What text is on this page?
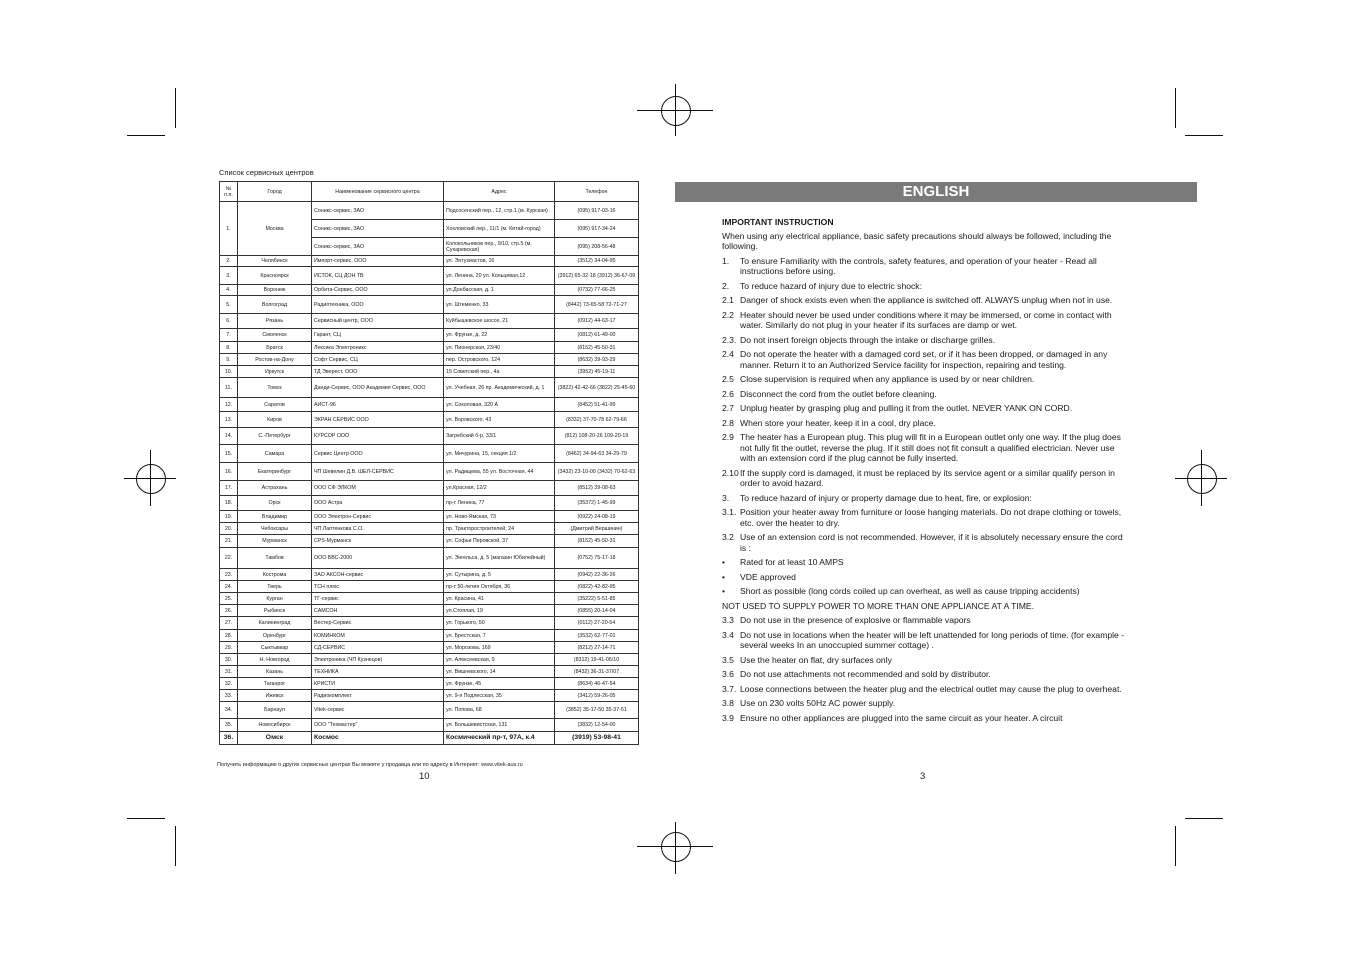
Список сервисных центров
№ п.п.	Город	Наименование сервисного центра	Адрес	Телефон
1.	Москва	Соникс-сервис, ЗАО	Подсосенский пер., 12, стр.1 (м. Курская)	(095) 917-03-16
		Соникс-сервис, ЗАО	Хохловский пер., 11/1 (м. Китай-город)	(095) 917-34-24
		Соникс-сервис, ЗАО	Колокольников пер., 9/10, стр.5 (м. Сухаревская)	(095) 208-56-48
2.	Челябинск	Импорт-сервис, ООО	ул. Энтузиастов, 16	(3512) 34-04-95
3.	Красноярск	ИСТОК, СЦ ДОН ТВ	ул. Ленина, 20 ул. Кольцевая,12	(3912) 65-32-18 (3912) 36-67-09
4.	Воронеж	Орбита-Сервис, ООО	ул.Донбасская, д. 1	(0732) 77-66-25
5.	Волгоград	Радиотехника, ООО	ул. Штеменко, 33	(8442) 73-65-58 72-71-27
6.	Рязань	Сервисный центр, ООО	Куйбышевское шоссе, 21	(0912) 44-63-17
7.	Смоленск	Гарант, СЦ	ул. Фрунзе, д. 22	(0812) 61-49-00
8.	Братск	Лексика Электроникс	ул. Пионерская, 23/40	(8152) 45-50-31
9.	Ростов-на-Дону	Софт Сервис, СЦ	пер. Островского, 124	(8632) 39-93-29
10.	Иркутск	ТД Эверест, ООО	15 Советский пер., 4а	(3952) 45-19-11
11.	Томск	Данди-Сервис, ООО Академия Сервис, ООО	ул. Учебная, 26 пр. Академический, д. 1	(3822) 42-42-66 (3822) 25-45-60
12.	Саратов	АИСТ-96	ул. Соколовая, 320 А	(8452) 51-41-99
13.	Киров	ЭКРАН СЕРВИС ООО	ул. Воровского, 43	(8332) 37-70-78 62-79-66
14.	С.-Петербург	КУРСОР ООО	Загребский б-р, 33/1	(812) 108-20-26 109-20-19
15.	Самара	Сервис Центр ООО	ул. Мичурина, 15, секция 1/2	(8462) 34-94-63 34-29-79
16.	Екатеринбург	ЧП Шевелин Д.В. ШЕЛ-СЕРВИС	ул. Радищева, 55 ул. Восточная, 44	(3432) 23-10-00 (3432) 70-62-63
17.	Астрахань	ООО СФ ЭЛКОМ	ул.Красная, 12/2	(8512) 39-08-63
18.	Орск	ООО Астра	пр-т Ленина, 77	(35372) 1-45-99
19.	Владимир	ООО Электрон-Сервис	ул. Ново-Ямская, 73	(0922) 24-08-19
20.	Чебоксары	ЧП Лаптенкова С.О.	пр. Тракторостроителей, 24	(Дмитрий Вершинин)
21.	Мурманск	CPS-Мурманск	ул. Софьи Перовской, 37	(8152) 45-50-31
22.	Тамбов	ООО БВС-2000	ул. Энгельса, д. 5 (магазин Юбилейный)	(0752) 75-17-18
23.	Кострома	ЗАО АКСОН-сервис	ул. Сутырина, д. 5	(0942) 22-36-26
24.	Тверь	ТСН плюс	пр-т 50-летия Октября, 36	(0822) 42-82-95
25.	Курган	ТГ-сервис	ул. Красина, 41	(35222) 5-51-85
26.	Рыбинск	САМСОН	ул.Стоялая, 19	(0855) 20-14-04
27.	Калининград	Вестер-Сервис	ул. Горького, 50	(0112) 27-20-54
28.	Оренбург	КОМИНКОМ	ул. Брестская, 7	(3532) 62-77-01
29.	Сыктывкар	СД-СЕРВИС	ул. Морозова, 169	(8212) 27-14-71
30.	Н. Новгород	Электроника (ЧП Кузнецов)	ул. Алексеевская, 9	(8312) 19-41-06/10
31.	Казань	ТЕХНИКА	ул. Вишневского, 14	(8432) 36-31-37/07
32.	Таганрог	КРИСТИ	ул. Фрунзе, 45	(8634) 46-47-54
33.	Ижевск	Радиокомплект	ул. 9-я Подлесская, 35	(3412) 59-26-05
34.	Барнаул	Vitek-сервис	ул. Попова, 68	(3852) 35-17-50 35-37-51
35.	Новосибирск	ООО "Техмастер"	ул. Большевистская, 131	(3832) 12-54-00
36.	Омск	Космос	Космический пр-т, 97А, к.4	(3919) 53-98-41
Получить информацию о других сервисных центрах Вы можете у продавца или по адресу в Интернет: www.vitek-aus.ru
10
ENGLISH
IMPORTANT INSTRUCTION
When using any electrical appliance, basic safety precautions should always be followed, including the following.
1. To ensure Familiarity with the controls, safety features, and operation of your heater - Read all instructions before using.
2. To reduce hazard of injury due to electric shock:
2.1 Danger of shock exists even when the appliance is switched off. ALWAYS unplug when not in use.
2.2 Heater should never be used under conditions where it may be immersed, or come in contact with water. Similarly do not plug in your heater if its surfaces are damp or wet.
2.3. Do not insert foreign objects through the intake or discharge grilles.
2.4 Do not operate the heater with a damaged cord set, or if it has been dropped, or damaged in any manner. Return it to an Authorized Service facility for inspection, repairing and testing.
2.5 Close supervision is required when any appliance is used by or near children.
2.6 Disconnect the cord from the outlet before cleaning.
2.7 Unplug heater by grasping plug and pulling it from the outlet. NEVER YANK ON CORD.
2.8 When store your heater, keep it in a cool, dry place.
2.9 The heater has a European plug. This plug will fit in a European outlet only one way. If the plug does not fully fit the outlet, reverse the plug. If it still does not fit consult a qualified electrician. Never use with an extension cord if the plug cannot be fully inserted.
2.10If the supply cord is damaged, it must be replaced by its service agent or a similar qualify person in order to avoid hazard.
3. To reduce hazard of injury or property damage due to heat, fire, or explosion:
3.1. Position your heater away from furniture or loose hanging materials. Do not drape clothing or towels, etc. over the heater to dry.
3.2 Use of an extension cord is not recommended. However, if it is absolutely necessary ensure the cord is :
• Rated for at least 10 AMPS
• VDE approved
• Short as possible (long cords coiled up can overheat, as well as cause tripping accidents)
NOT USED TO SUPPLY POWER TO MORE THAN ONE APPLIANCE AT A TIME.
3.3 Do not use in the presence of explosive or flammable vapors
3.4 Do not use in locations when the heater will be left unattended for long periods of time. (for example -several weeks In an unoccupied summer cottage) .
3.5 Use the heater on flat, dry surfaces only
3.6 Do not use attachments not recommended and sold by distributor.
3.7. Loose connections between the heater plug and the electrical outlet may cause the plug to overheat.
3.8 Use on 230 volts 50Hz AC power supply.
3.9 Ensure no other appliances are plugged into the same circuit as your heater. A circuit
3
